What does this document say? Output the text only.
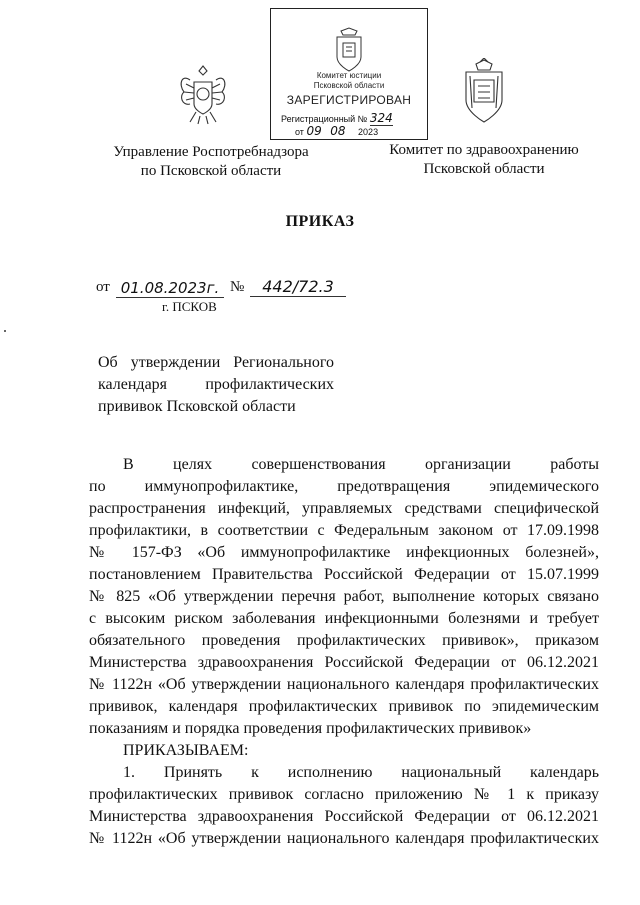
Комитет юстиции
Псковской области
ЗАРЕГИСТРИРОВАН
Регистрационный № 324
от 09 08 2023
Управление Роспотребнадзора
по Псковской области
Комитет по здравоохранению
Псковской области
ПРИКАЗ
от 01.08.2023г. №	442/72.3
г. ПСКОВ
Об утверждении Регионального
календаря профилактических
прививок Псковской области
В целях совершенствования организации работы
по иммунопрофилактике, предотвращения эпидемического
распространения инфекций, управляемых средствами специфической
профилактики, в соответствии с Федеральным законом от 17.09.1998
№ 157-ФЗ «Об иммунопрофилактике инфекционных болезней»,
постановлением Правительства Российской Федерации от 15.07.1999
№ 825 «Об утверждении перечня работ, выполнение которых связано
с высоким риском заболевания инфекционными болезнями и требует
обязательного проведения профилактических прививок», приказом
Министерства здравоохранения Российской Федерации от 06.12.2021
№ 1122н «Об утверждении национального календаря профилактических
прививок, календаря профилактических прививок по эпидемическим
показаниям и порядка проведения профилактических прививок»
ПРИКАЗЫВАЕМ:
1. Принять к исполнению национальный календарь
профилактических прививок согласно приложению № 1 к приказу
Министерства здравоохранения Российской Федерации от 06.12.2021
№ 1122н «Об утверждении национального календаря профилактических
